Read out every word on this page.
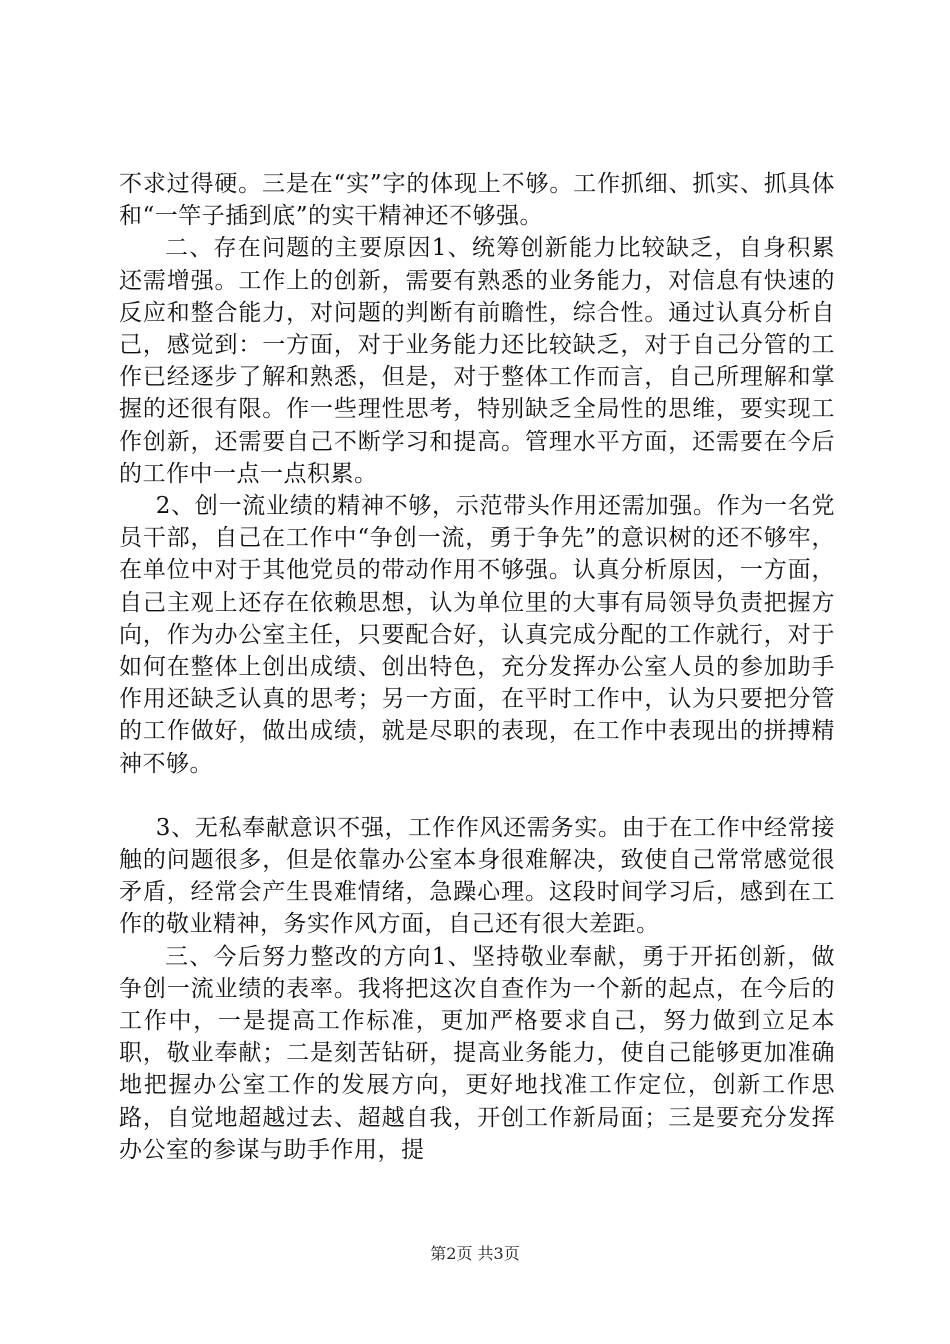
不求过得硬。三是在“实”字的体现上不够。工作抓细、抓实、抓具体和“一竿子插到底”的实干精神还不够强。

二、存在问题的主要原因1、统筹创新能力比较缺乏，自身积累还需增强。工作上的创新，需要有熟悉的业务能力，对信息有快速的反应和整合能力，对问题的判断有前瞻性，综合性。通过认真分析自己，感觉到：一方面，对于业务能力还比较缺乏，对于自己分管的工作已经逐步了解和熟悉，但是，对于整体工作而言，自己所理解和掌握的还很有限。作一些理性思考，特别缺乏全局性的思维，要实现工作创新，还需要自己不断学习和提高。管理水平方面，还需要在今后的工作中一点一点积累。

2、创一流业绩的精神不够，示范带头作用还需加强。作为一名党员干部，自己在工作中“争创一流，勇于争先”的意识树的还不够牢，在单位中对于其他党员的带动作用不够强。认真分析原因，一方面，自己主观上还存在依赖思想，认为单位里的大事有局领导负责把握方向，作为办公室主任，只要配合好，认真完成分配的工作就行，对于如何在整体上创出成绩、创出特色，充分发挥办公室人员的参加助手作用还缺乏认真的思考；另一方面，在平时工作中，认为只要把分管的工作做好，做出成绩，就是尽职的表现，在工作中表现出的拼搏精神不够。

3、无私奉献意识不强，工作作风还需务实。由于在工作中经常接触的问题很多，但是依靠办公室本身很难解决，致使自己常常感觉很矛盾，经常会产生畏难情绪，急躁心理。这段时间学习后，感到在工作的敬业精神，务实作风方面，自己还有很大差距。

三、今后努力整改的方向1、坚持敬业奉献，勇于开拓创新，做争创一流业绩的表率。我将把这次自查作为一个新的起点，在今后的工作中，一是提高工作标准，更加严格要求自己，努力做到立足本职，敬业奉献；二是刻苦钻研，提高业务能力，使自己能够更加准确地把握办公室工作的发展方向，更好地找准工作定位，创新工作思路，自觉地超越过去、超越自我，开创工作新局面；三是要充分发挥办公室的参谋与助手作用，提

第2页 共3页
